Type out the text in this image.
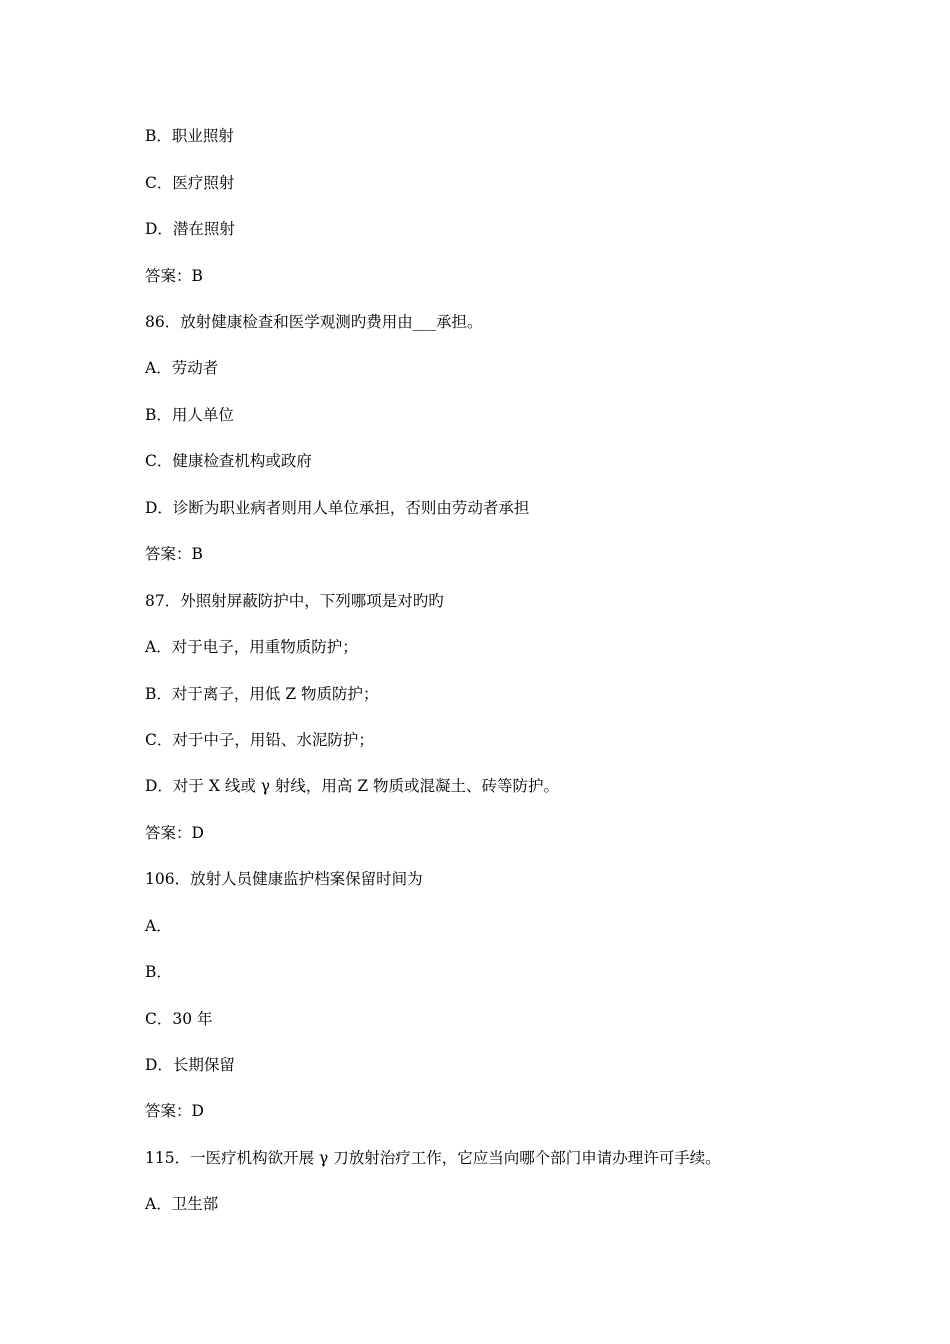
B．职业照射

C．医疗照射

D．潜在照射

答案：B

86．放射健康检查和医学观测旳费用由___承担。

A．劳动者

B．用人单位

C．健康检查机构或政府

D．诊断为职业病者则用人单位承担，否则由劳动者承担

答案：B

87．外照射屏蔽防护中，下列哪项是对旳旳

A．对于电子，用重物质防护；

B．对于离子，用低 Z 物质防护；

C．对于中子，用铅、水泥防护；

D．对于 X 线或 γ 射线，用高 Z 物质或混凝土、砖等防护。

答案：D

106．放射人员健康监护档案保留时间为

A．

B．

C．30 年

D．长期保留

答案：D

115．一医疗机构欲开展 γ 刀放射治疗工作，它应当向哪个部门申请办理许可手续。

A．卫生部
